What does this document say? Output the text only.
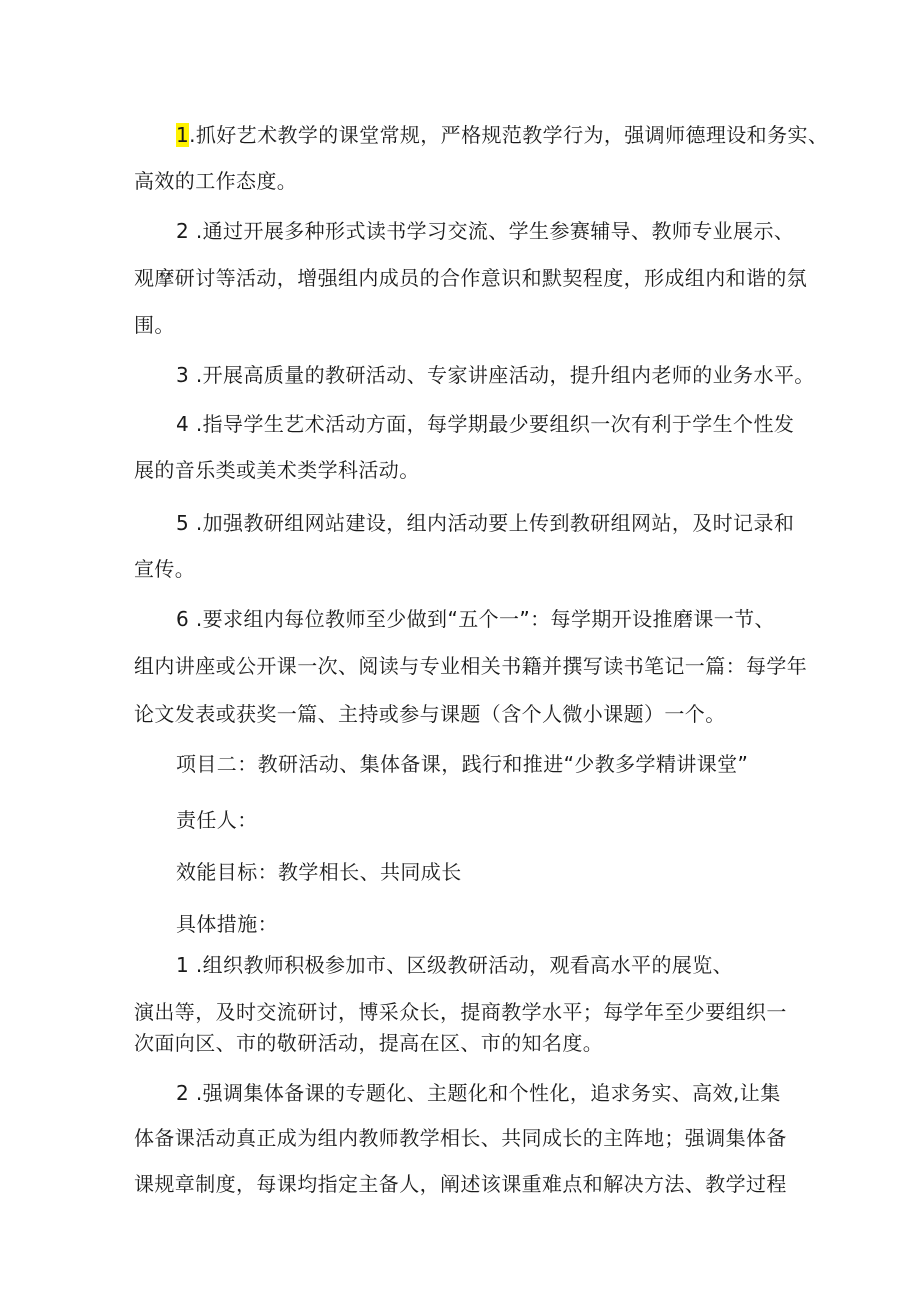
1.抓好艺术教学的课堂常规，严格规范教学行为，强调师德理设和务实、
高效的工作态度。
2 .通过开展多种形式读书学习交流、学生参赛辅导、教师专业展示、
观摩研讨等活动，增强组内成员的合作意识和默契程度，形成组内和谐的氛
围。
3 .开展高质量的教研活动、专家讲座活动，提升组内老师的业务水平。
4 .指导学生艺术活动方面，每学期最少要组织一次有利于学生个性发
展的音乐类或美术类学科活动。
5 .加强教研组网站建设，组内活动要上传到教研组网站，及时记录和
宣传。
6 .要求组内每位教师至少做到“五个一”：每学期开设推磨课一节、
组内讲座或公开课一次、阅读与专业相关书籍并撰写读书笔记一篇：每学年
论文发表或获奖一篇、主持或参与课题（含个人微小课题）一个。
项目二：教研活动、集体备课，践行和推进“少教多学精讲课堂”
责任人：
效能目标：教学相长、共同成长
具体措施：
1 .组织教师积极参加市、区级教研活动，观看高水平的展览、
演出等，及时交流研讨，博采众长，提商教学水平；每学年至少要组织一
次面向区、市的敬研活动，提高在区、市的知名度。
2 .强调集体备课的专题化、主题化和个性化，追求务实、高效,让集
体备课活动真正成为组内教师教学相长、共同成长的主阵地；强调集体备
课规章制度，每课均指定主备人，阐述该课重难点和解决方法、教学过程
